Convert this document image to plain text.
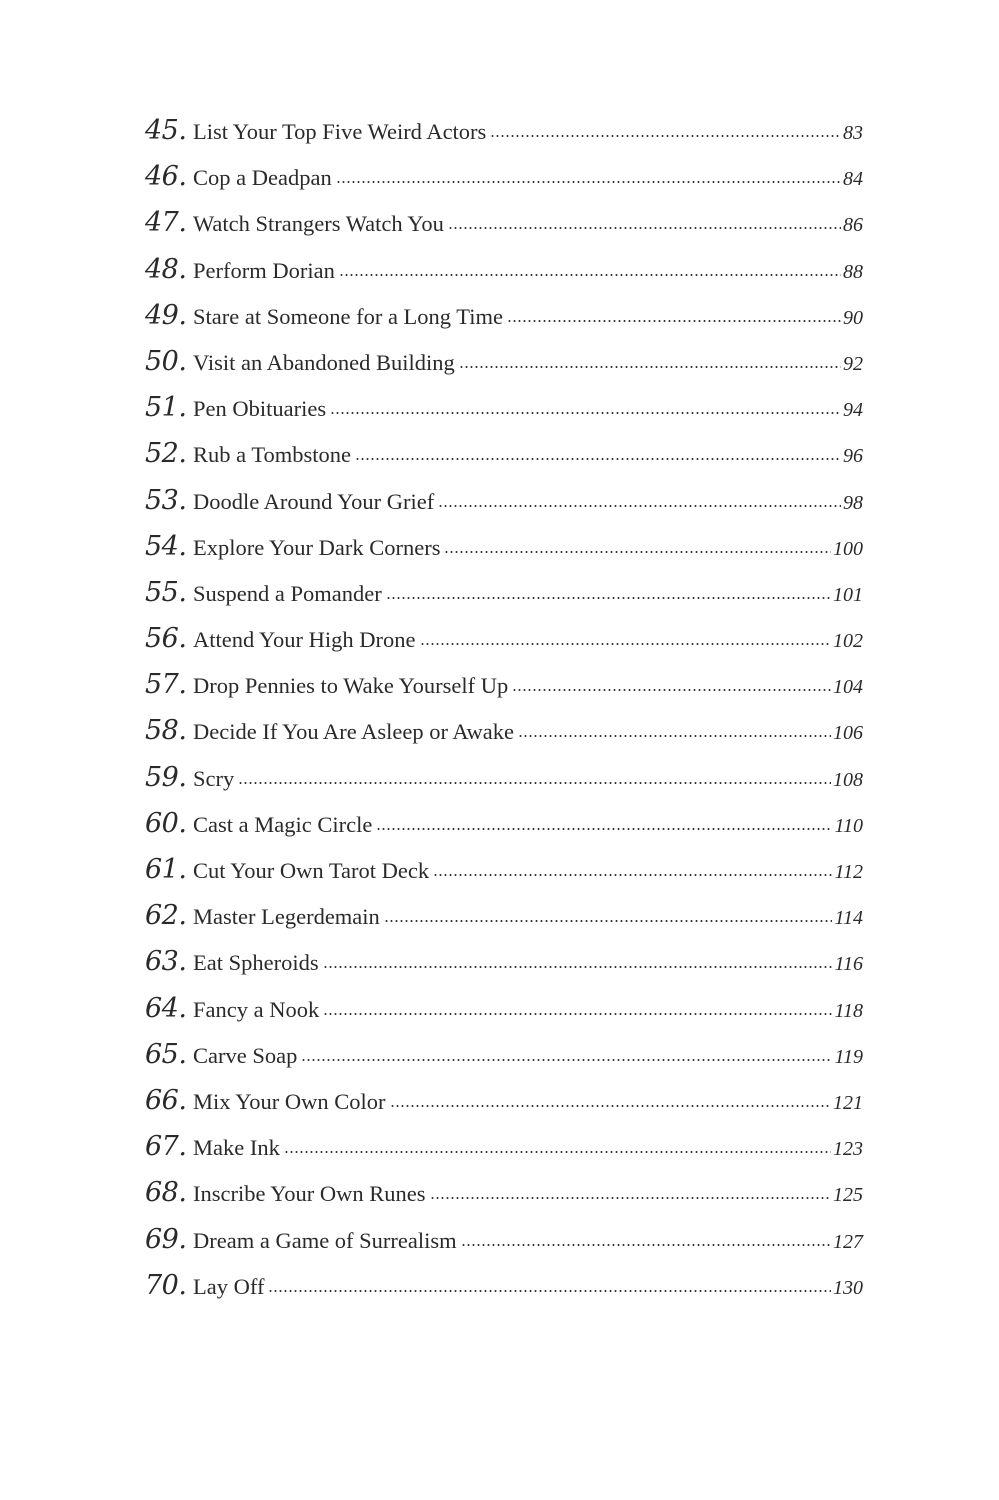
45. List Your Top Five Weird Actors	83
46. Cop a Deadpan	84
47. Watch Strangers Watch You	86
48. Perform Dorian	88
49. Stare at Someone for a Long Time	90
50. Visit an Abandoned Building	92
51. Pen Obituaries	94
52. Rub a Tombstone	96
53. Doodle Around Your Grief	98
54. Explore Your Dark Corners	100
55. Suspend a Pomander	101
56. Attend Your High Drone	102
57. Drop Pennies to Wake Yourself Up	104
58. Decide If You Are Asleep or Awake	106
59. Scry	108
60. Cast a Magic Circle	110
61. Cut Your Own Tarot Deck	112
62. Master Legerdemain	114
63. Eat Spheroids	116
64. Fancy a Nook	118
65. Carve Soap	119
66. Mix Your Own Color	121
67. Make Ink	123
68. Inscribe Your Own Runes	125
69. Dream a Game of Surrealism	127
70. Lay Off	130
